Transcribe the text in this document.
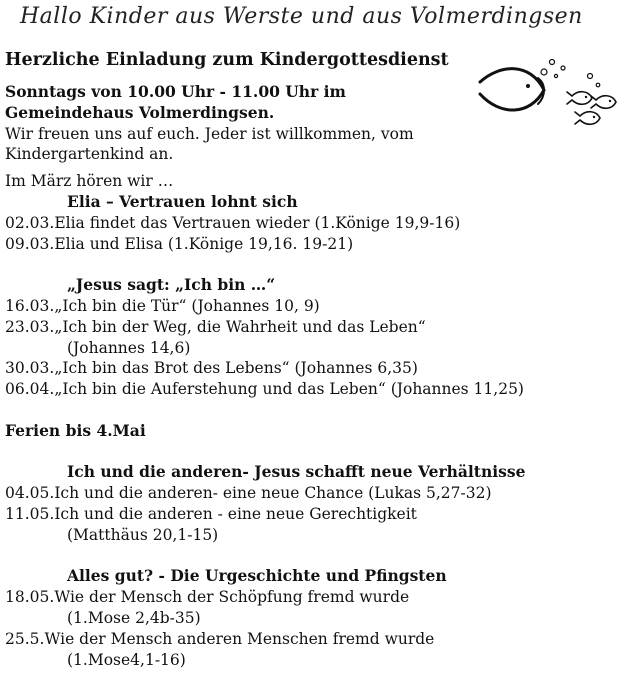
Hallo Kinder aus Werste und aus Volmerdingsen
Herzliche Einladung zum Kindergottesdienst
Sonntags von 10.00 Uhr - 11.00 Uhr im
Gemeindehaus Volmerdingsen.
Wir freuen uns auf euch. Jeder ist willkommen, vom
Kindergartenkind an.
Im März hören wir …
Elia – Vertrauen lohnt sich
02.03. Elia findet das Vertrauen wieder (1.Könige 19,9-16)
09.03. Elia und Elisa (1.Könige 19,16. 19-21)
„Jesus sagt: „Ich bin …“
16.03. „Ich bin die Tür“ (Johannes 10, 9)
23.03. „Ich bin der Weg, die Wahrheit und das Leben“
(Johannes 14,6)
30.03. „Ich bin das Brot des Lebens“ (Johannes 6,35)
06.04. „Ich bin die Auferstehung und das Leben“ (Johannes 11,25)
Ferien bis 4.Mai
Ich und die anderen- Jesus schafft neue Verhältnisse
04.05. Ich und die anderen- eine neue Chance (Lukas 5,27-32)
11.05. Ich und die anderen - eine neue Gerechtigkeit
(Matthäus 20,1-15)
Alles gut? - Die Urgeschichte und Pfingsten
18.05. Wie der Mensch der Schöpfung fremd wurde
(1.Mose 2,4b-35)
25.5. Wie der Mensch anderen Menschen fremd wurde
(1.Mose4,1-16)
